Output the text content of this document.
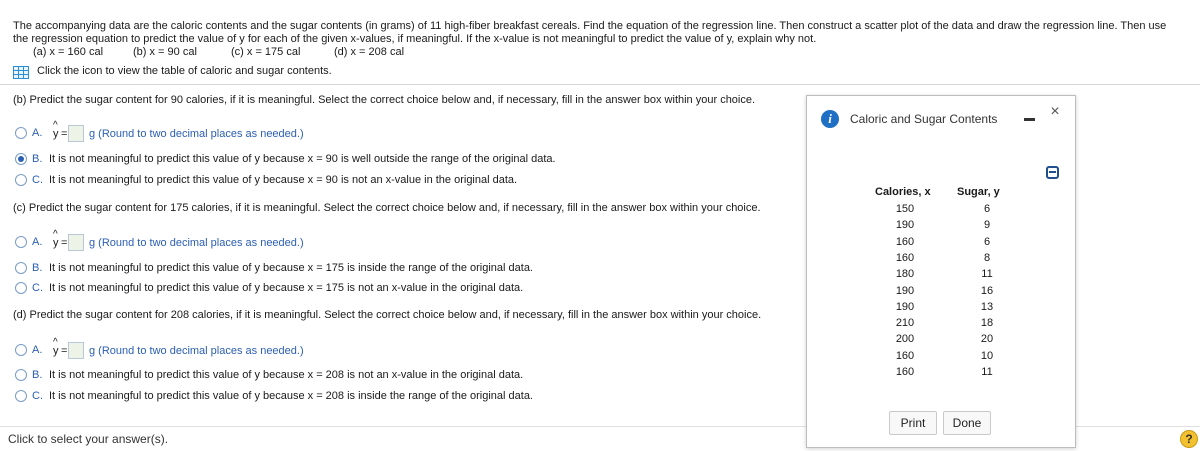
The accompanying data are the caloric contents and the sugar contents (in grams) of 11 high-fiber breakfast cereals. Find the equation of the regression line. Then construct a scatter plot of the data and draw the regression line. Then use the regression equation to predict the value of y for each of the given x-values, if meaningful. If the x-value is not meaningful to predict the value of y, explain why not.
(a) x = 160 cal	(b) x = 90 cal	(c) x = 175 cal	(d) x = 208 cal
Click the icon to view the table of caloric and sugar contents.
(b) Predict the sugar content for 90 calories, if it is meaningful. Select the correct choice below and, if necessary, fill in the answer box within your choice.
A.
^
y = g (Round to two decimal places as needed.)
B. It is not meaningful to predict this value of y because x = 90 is well outside the range of the original data.
C. It is not meaningful to predict this value of y because x = 90 is not an x-value in the original data.
(c) Predict the sugar content for 175 calories, if it is meaningful. Select the correct choice below and, if necessary, fill in the answer box within your choice.
A.
^
y = g (Round to two decimal places as needed.)
B. It is not meaningful to predict this value of y because x = 175 is inside the range of the original data.
C. It is not meaningful to predict this value of y because x = 175 is not an x-value in the original data.
(d) Predict the sugar content for 208 calories, if it is meaningful. Select the correct choice below and, if necessary, fill in the answer box within your choice.
A.
^
y = g (Round to two decimal places as needed.)
B. It is not meaningful to predict this value of y because x = 208 is not an x-value in the original data.
C. It is not meaningful to predict this value of y because x = 208 is inside the range of the original data.
Click to select your answer(s).	?
i	Caloric and Sugar Contents	×
Calories, x Sugar, y
150	6
190	9
160	6
160	8
180	11
190	16
190	13
210	18
200	20
160	10
160	11
Print	Done
